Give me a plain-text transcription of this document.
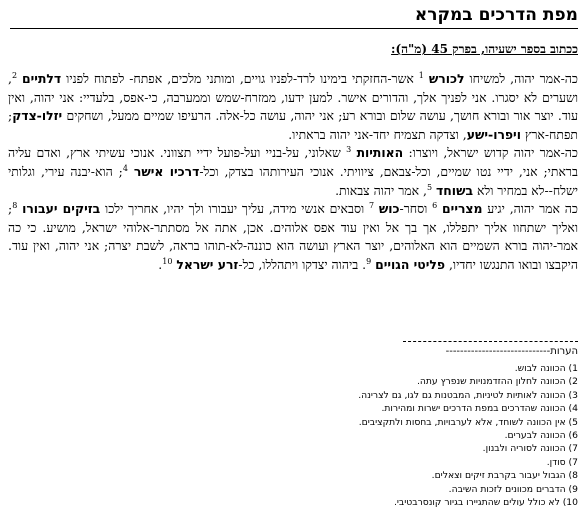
מפת הדרכים במקרא
ככתוב בספר ישעיהו, בפרק 45 (מ"ה):

כה-אמר יהוה, למשיחו לכורש $^1$ אשר-החזקתי בימינו לרד-לפניו גויים, ומותני מלכים, אפתח- לפתוח לפניו דלתיים $^2$, ושערים לא יסגרו. אני לפניך אלך, והדורים אישר. למען ידעו, ממזרח-שמש וממערבה, כי-אפס, בלעדיי: אני יהוה, ואין עוד. יוצר אור ובורא חושך, עושה שלום ובורא רע; אני יהוה, עושה כל-אלה. הרעיפו שמיים ממעל, ושחקים יזלו-צדק; תפתח-ארץ ויפרו-ישע, וצדקה תצמיח יחד-אני יהוה בראתיו.

כה-אמר יהוה קדוש ישראל, ויוצרו: האותיות $^3$ שאלוני, על-בניי ועל-פועל ידיי תצווני. אנוכי עשיתי ארץ, ואדם עליה בראתי; אני, ידיי נטו שמיים, וכל-צבאם, ציוויתי. אנוכי העירותהו בצדק, וכל-דרכיו אישר $^4$; הוא-יבנה עירי, וגלותי ישלח--לא במחיר ולא בשוחד $^5$, אמר יהוה צבאות.

כה אמר יהוה, יגיע מצריים $^6$ וסחר-כוש $^7$ וסבאים אנשי מידה, עליך יעבורו ולך יהיו, אחריך ילכו בזיקים יעבורו $^8$; ואליך ישתחוו אליך יתפללו, אך בך אל ואין עוד אפס אלוהים. אכן, אתה אל מסתתר-אלוהי ישראל, מושיע. כי כה אמר-יהוה בורא השמיים הוא האלוהים, יוצר הארץ ועושה הוא כוננה-לא-תוהו בראה, לשבת יצרה; אני יהוה, ואין עוד. היקבצו ובואו התנגשו יחדיו, פליטי הגויים $^9$. ביהוה יצדקו ויתהללו, כל-זרע ישראל $^{10}$.

הערות-----------------------------
1) הכוונה לבוש.
2) הכוונה לחלון ההזדמנויות שנפרץ עתה.
3) הכוונה לאותיות לטיניות, המבטנות גם לגו, גם לצרינה.
4) הכוונה שהדרכים במפת הדרכים ישרות ומהירות.
5) אין הכוונה לשוחד, אלא לערבויות, בחסות ולתקציבים.
6) הכוונה לבערים.
7) הכוונה לסוריה ולבנון.
7) סודן.
8) הגבול יעבור בקרבת זיקים וצאלים.
9) הדברים מכוונים לזכות השיבה.
10) לא כולל עולים שהתגיירו בגיור קונסרבטיבי.
